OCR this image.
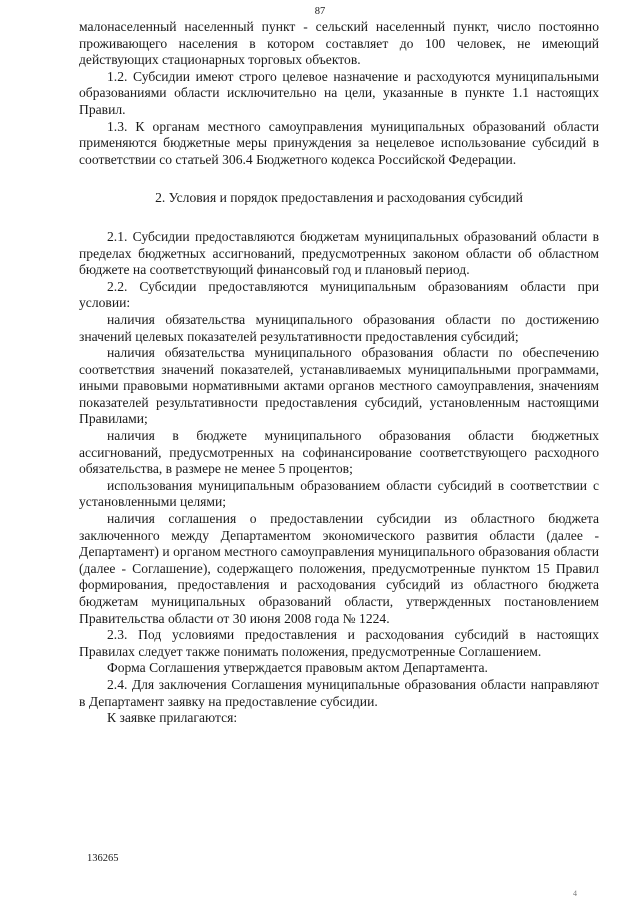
87

малонаселенный населенный пункт - сельский населенный пункт, число постоянно проживающего населения в котором составляет до 100 человек, не имеющий действующих стационарных торговых объектов.

1.2. Субсидии имеют строго целевое назначение и расходуются муниципальными образованиями области исключительно на цели, указанные в пункте 1.1 настоящих Правил.

1.3. К органам местного самоуправления муниципальных образований области применяются бюджетные меры принуждения за нецелевое использование субсидий в соответствии со статьей 306.4 Бюджетного кодекса Российской Федерации.

2. Условия и порядок предоставления и расходования субсидий

2.1. Субсидии предоставляются бюджетам муниципальных образований области в пределах бюджетных ассигнований, предусмотренных законом области об областном бюджете на соответствующий финансовый год и плановый период.

2.2. Субсидии предоставляются муниципальным образованиям области при условии:

наличия обязательства муниципального образования области по достижению значений целевых показателей результативности предоставления субсидий;

наличия обязательства муниципального образования области по обеспечению соответствия значений показателей, устанавливаемых муниципальными программами, иными правовыми нормативными актами органов местного самоуправления, значениям показателей результативности предоставления субсидий, установленным настоящими Правилами;

наличия в бюджете муниципального образования области бюджетных ассигнований, предусмотренных на софинансирование соответствующего расходного обязательства, в размере не менее 5 процентов;

использования муниципальным образованием области субсидий в соответствии с установленными целями;

наличия соглашения о предоставлении субсидии из областного бюджета заключенного между Департаментом экономического развития области (далее - Департамент) и органом местного самоуправления муниципального образования области (далее - Соглашение), содержащего положения, предусмотренные пунктом 15 Правил формирования, предоставления и расходования субсидий из областного бюджета бюджетам муниципальных образований области, утвержденных постановлением Правительства области от 30 июня 2008 года № 1224.

2.3. Под условиями предоставления и расходования субсидий в настоящих Правилах следует также понимать положения, предусмотренные Соглашением.

Форма Соглашения утверждается правовым актом Департамента.

2.4. Для заключения Соглашения муниципальные образования области направляют в Департамент заявку на предоставление субсидии.

К заявке прилагаются:

136265
4
